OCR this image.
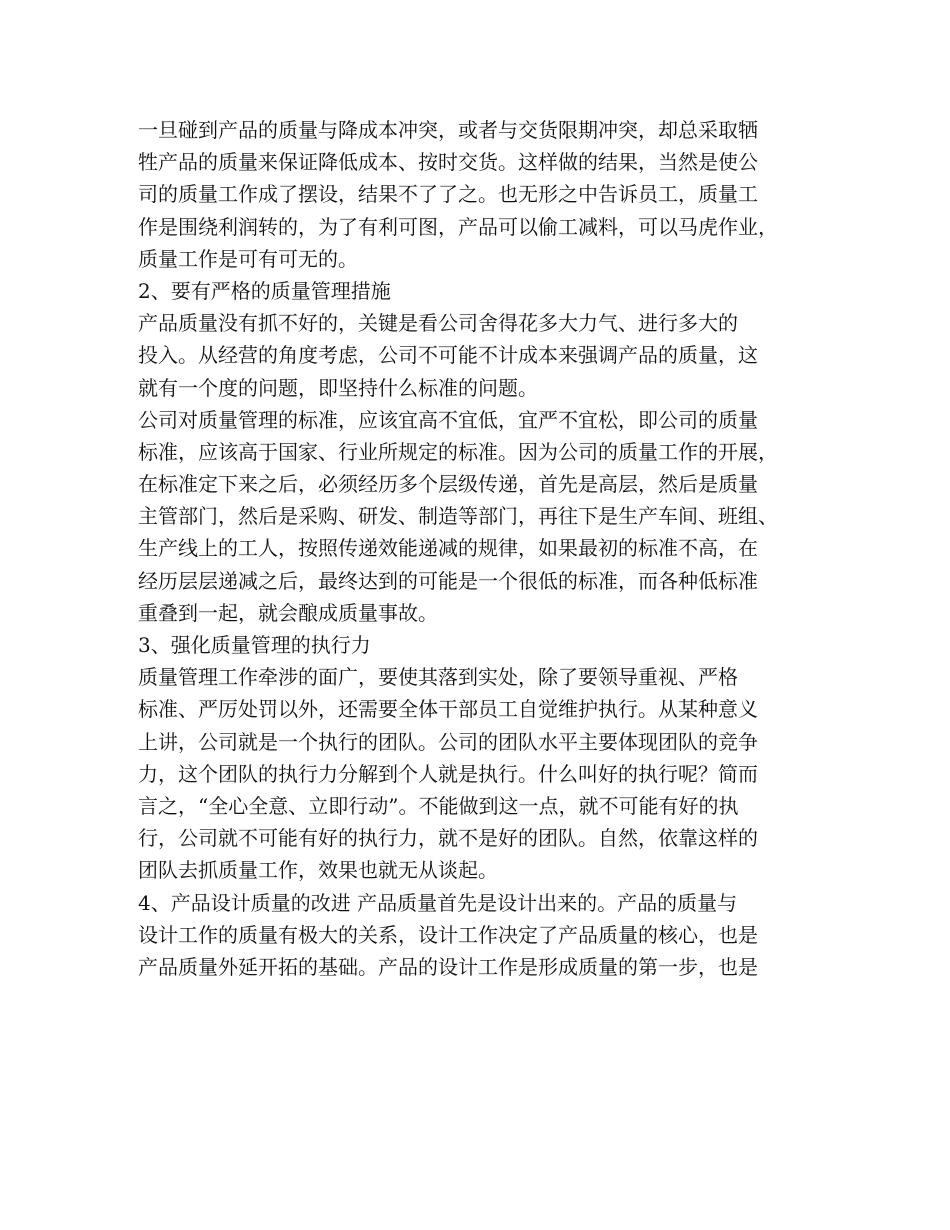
一旦碰到产品的质量与降成本冲突，或者与交货限期冲突，却总采取牺
牲产品的质量来保证降低成本、按时交货。这样做的结果，当然是使公
司的质量工作成了摆设，结果不了了之。也无形之中告诉员工，质量工
作是围绕利润转的，为了有利可图，产品可以偷工减料，可以马虎作业，
质量工作是可有可无的。
2、要有严格的质量管理措施
产品质量没有抓不好的，关键是看公司舍得花多大力气、进行多大的
投入。从经营的角度考虑，公司不可能不计成本来强调产品的质量，这
就有一个度的问题，即坚持什么标准的问题。
公司对质量管理的标准，应该宜高不宜低，宜严不宜松，即公司的质量
标准，应该高于国家、行业所规定的标准。因为公司的质量工作的开展，
在标准定下来之后，必须经历多个层级传递，首先是高层，然后是质量
主管部门，然后是采购、研发、制造等部门，再往下是生产车间、班组、
生产线上的工人，按照传递效能递减的规律，如果最初的标准不高，在
经历层层递减之后，最终达到的可能是一个很低的标准，而各种低标准
重叠到一起，就会酿成质量事故。
3、强化质量管理的执行力
质量管理工作牵涉的面广，要使其落到实处，除了要领导重视、严格
标准、严厉处罚以外，还需要全体干部员工自觉维护执行。从某种意义
上讲，公司就是一个执行的团队。公司的团队水平主要体现团队的竞争
力，这个团队的执行力分解到个人就是执行。什么叫好的执行呢？简而
言之，“全心全意、立即行动”。不能做到这一点，就不可能有好的执
行，公司就不可能有好的执行力，就不是好的团队。自然，依靠这样的
团队去抓质量工作，效果也就无从谈起。
4、产品设计质量的改进 产品质量首先是设计出来的。产品的质量与
设计工作的质量有极大的关系，设计工作决定了产品质量的核心，也是
产品质量外延开拓的基础。产品的设计工作是形成质量的第一步，也是
